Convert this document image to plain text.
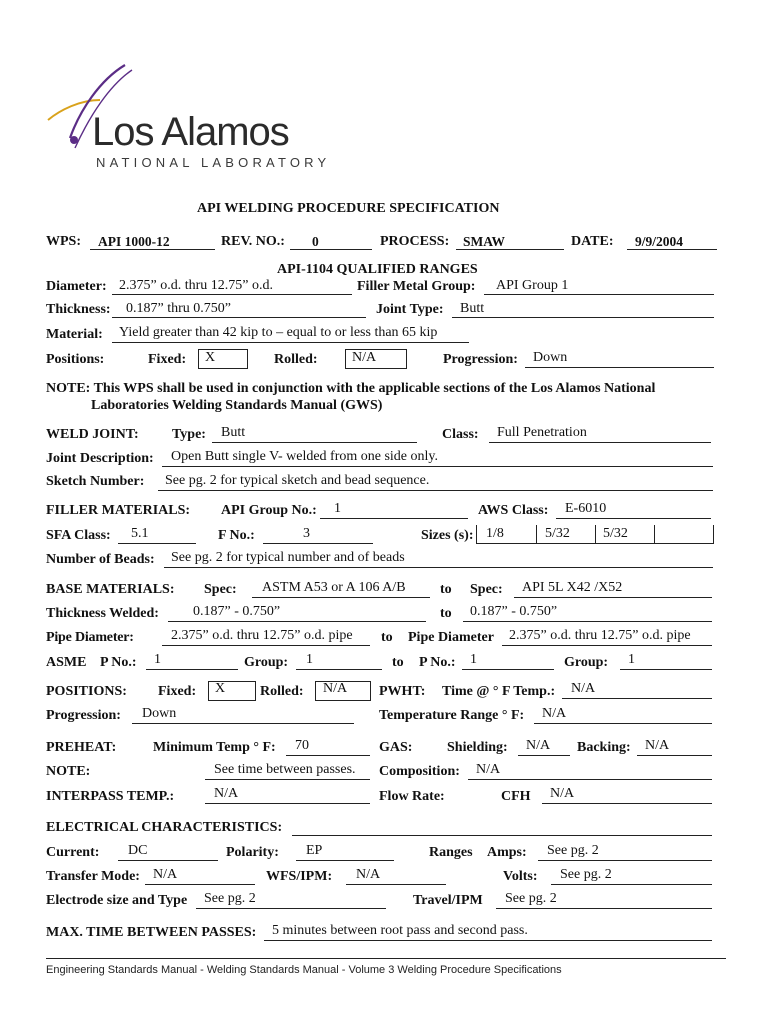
Los Alamos
NATIONAL LABORATORY
API WELDING PROCEDURE SPECIFICATION
WPS: API 1000-12	REV. NO.: 0	PROCESS: SMAW	DATE: 9/9/2004
API-1104 QUALIFIED RANGES
Diameter: 2.375” o.d. thru 12.75” o.d.	Filler Metal Group: API Group 1
Thickness: 0.187” thru 0.750”	Joint Type: Butt
Material: Yield greater than 42 kip to – equal to or less than 65 kip
Positions:	Fixed: X	Rolled: N/A	Progression: Down
NOTE: This WPS shall be used in conjunction with the applicable sections of the Los Alamos National
Laboratories Welding Standards Manual (GWS)
WELD JOINT: Type: Butt	Class: Full Penetration
Joint Description: Open Butt single V- welded from one side only.
Sketch Number: See pg. 2 for typical sketch and bead sequence.
FILLER MATERIALS: API Group No.: 1	AWS Class: E-6010
SFA Class: 5.1	F No.:	3	Sizes (s): 1/8	5/32 5/32
Number of Beads: See pg. 2 for typical number and of beads
BASE MATERIALS: Spec: ASTM A53 or A 106 A/B to Spec: API 5L X42 /X52
Thickness Welded: 0.187” - 0.750”	to 0.187” - 0.750”
Pipe Diameter:	2.375” o.d. thru 12.75” o.d. pipe to Pipe Diameter 2.375” o.d. thru 12.75” o.d. pipe
ASME P No.: 1	Group: 1	to P No.: 1	Group: 1
POSITIONS: Fixed: X Rolled: N/A PWHT: Time @ ° F Temp.: N/A
Progression: Down	Temperature Range ° F: N/A
PREHEAT:	Minimum Temp ° F: 70	GAS: Shielding: N/A Backing: N/A
NOTE:	See time between passes. Composition: N/A
INTERPASS TEMP.:	N/A	Flow Rate:	CFH N/A
ELECTRICAL CHARACTERISTICS:
Current: DC	Polarity: EP	Ranges Amps: See pg. 2
Transfer Mode: N/A	WFS/IPM: N/A	Volts: See pg. 2
Electrode size and Type See pg. 2	Travel/IPM See pg. 2
MAX. TIME BETWEEN PASSES: 5 minutes between root pass and second pass.
Engineering Standards Manual - Welding Standards Manual - Volume 3 Welding Procedure Specifications
